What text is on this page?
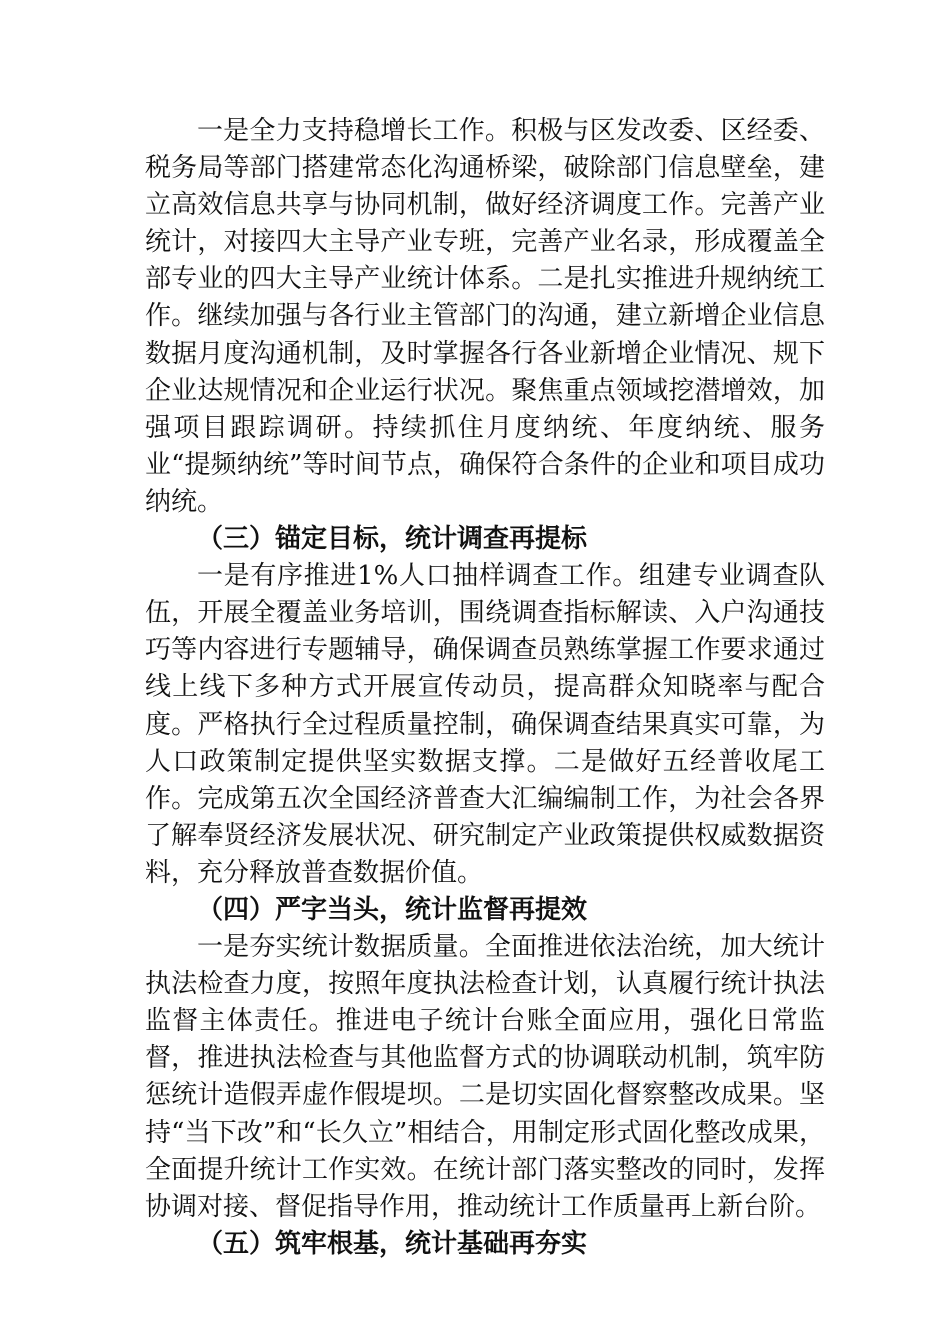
一是全力支持稳增长工作。积极与区发改委、区经委、税务局等部门搭建常态化沟通桥梁，破除部门信息壁垒，建立高效信息共享与协同机制，做好经济调度工作。完善产业统计，对接四大主导产业专班，完善产业名录，形成覆盖全部专业的四大主导产业统计体系。二是扎实推进升规纳统工作。继续加强与各行业主管部门的沟通，建立新增企业信息数据月度沟通机制，及时掌握各行各业新增企业情况、规下企业达规情况和企业运行状况。聚焦重点领域挖潜增效，加强项目跟踪调研。持续抓住月度纳统、年度纳统、服务业“提频纳统”等时间节点，确保符合条件的企业和项目成功纳统。

（三）锚定目标，统计调查再提标

一是有序推进1%人口抽样调查工作。组建专业调查队伍，开展全覆盖业务培训，围绕调查指标解读、入户沟通技巧等内容进行专题辅导，确保调查员熟练掌握工作要求通过线上线下多种方式开展宣传动员，提高群众知晓率与配合度。严格执行全过程质量控制，确保调查结果真实可靠，为人口政策制定提供坚实数据支撑。二是做好五经普收尾工作。完成第五次全国经济普查大汇编编制工作，为社会各界了解奉贤经济发展状况、研究制定产业政策提供权威数据资料，充分释放普查数据价值。

（四）严字当头，统计监督再提效

一是夯实统计数据质量。全面推进依法治统，加大统计执法检查力度，按照年度执法检查计划，认真履行统计执法监督主体责任。推进电子统计台账全面应用，强化日常监督，推进执法检查与其他监督方式的协调联动机制，筑牢防惩统计造假弄虚作假堤坝。二是切实固化督察整改成果。坚持“当下改”和“长久立”相结合，用制定形式固化整改成果，全面提升统计工作实效。在统计部门落实整改的同时，发挥协调对接、督促指导作用，推动统计工作质量再上新台阶。

（五）筑牢根基，统计基础再夯实
